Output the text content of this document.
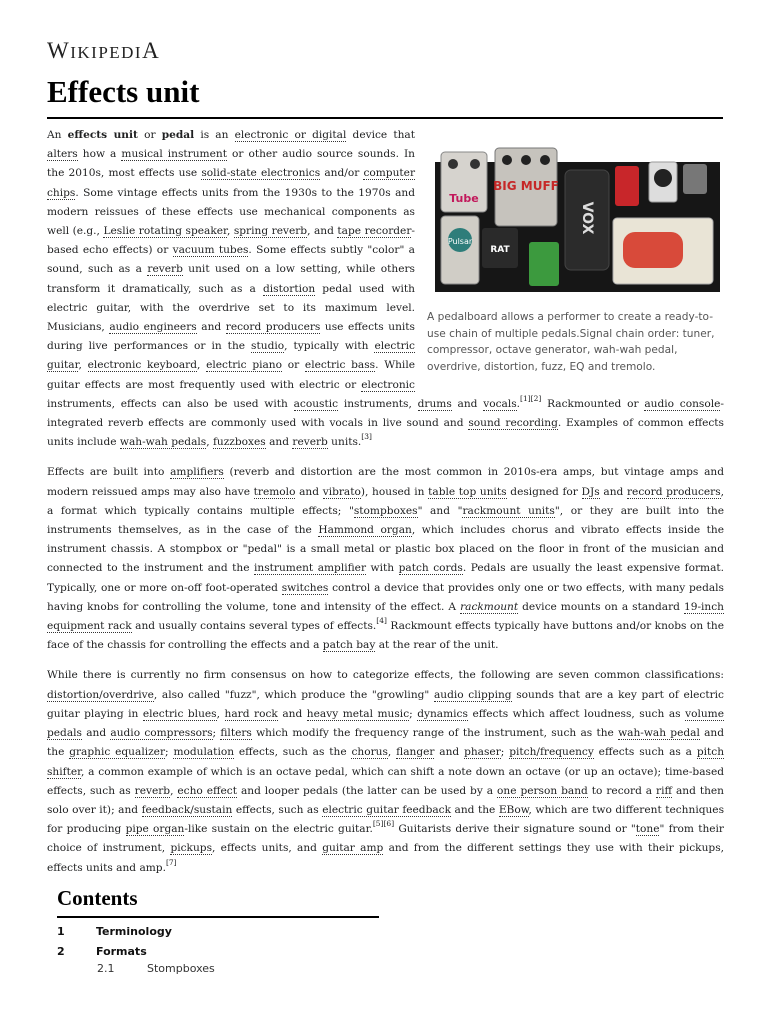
WIKIPEDIA
Effects unit
Tube
Pulsar
BIG MUFF
RAT
VOX
A pedalboard allows a performer to create a ready-to-use chain of multiple pedals.Signal chain order: tuner, compressor, octave generator, wah-wah pedal, overdrive, distortion, fuzz, EQ and tremolo.

An effects unit or pedal is an electronic or digital device that alters how a musical instrument or other audio source sounds. In the 2010s, most effects use solid-state electronics and/or computer chips. Some vintage effects units from the 1930s to the 1970s and modern reissues of these effects use mechanical components as well (e.g., Leslie rotating speaker, spring reverb, and tape recorder-based echo effects) or vacuum tubes. Some effects subtly "color" a sound, such as a reverb unit used on a low setting, while others transform it dramatically, such as a distortion pedal used with electric guitar, with the overdrive set to its maximum level. Musicians, audio engineers and record producers use effects units during live performances or in the studio, typically with electric guitar, electronic keyboard, electric piano or electric bass. While guitar effects are most frequently used with electric or electronic instruments, effects can also be used with acoustic instruments, drums and vocals.[1][2] Rackmounted or audio console-integrated reverb effects are commonly used with vocals in live sound and sound recording. Examples of common effects units include wah-wah pedals, fuzzboxes and reverb units.[3]

Effects are built into amplifiers (reverb and distortion are the most common in 2010s-era amps, but vintage amps and modern reissued amps may also have tremolo and vibrato), housed in table top units designed for DJs and record producers, a format which typically contains multiple effects; "stompboxes" and "rackmount units", or they are built into the instruments themselves, as in the case of the Hammond organ, which includes chorus and vibrato effects inside the instrument chassis. A stompbox or "pedal" is a small metal or plastic box placed on the floor in front of the musician and connected to the instrument and the instrument amplifier with patch cords. Pedals are usually the least expensive format. Typically, one or more on-off foot-operated switches control a device that provides only one or two effects, with many pedals having knobs for controlling the volume, tone and intensity of the effect. A rackmount device mounts on a standard 19-inch equipment rack and usually contains several types of effects.[4] Rackmount effects typically have buttons and/or knobs on the face of the chassis for controlling the effects and a patch bay at the rear of the unit.

While there is currently no firm consensus on how to categorize effects, the following are seven common classifications: distortion/overdrive, also called "fuzz", which produce the "growling" audio clipping sounds that are a key part of electric guitar playing in electric blues, hard rock and heavy metal music; dynamics effects which affect loudness, such as volume pedals and audio compressors; filters which modify the frequency range of the instrument, such as the wah-wah pedal and the graphic equalizer; modulation effects, such as the chorus, flanger and phaser; pitch/frequency effects such as a pitch shifter, a common example of which is an octave pedal, which can shift a note down an octave (or up an octave); time-based effects, such as reverb, echo effect and looper pedals (the latter can be used by a one person band to record a riff and then solo over it); and feedback/sustain effects, such as electric guitar feedback and the EBow, which are two different techniques for producing pipe organ-like sustain on the electric guitar.[5][6] Guitarists derive their signature sound or "tone" from their choice of instrument, pickups, effects units, and guitar amp and from the different settings they use with their pickups, effects units and amp.[7]

Contents
1	Terminology
2	Formats
2.1	Stompboxes
